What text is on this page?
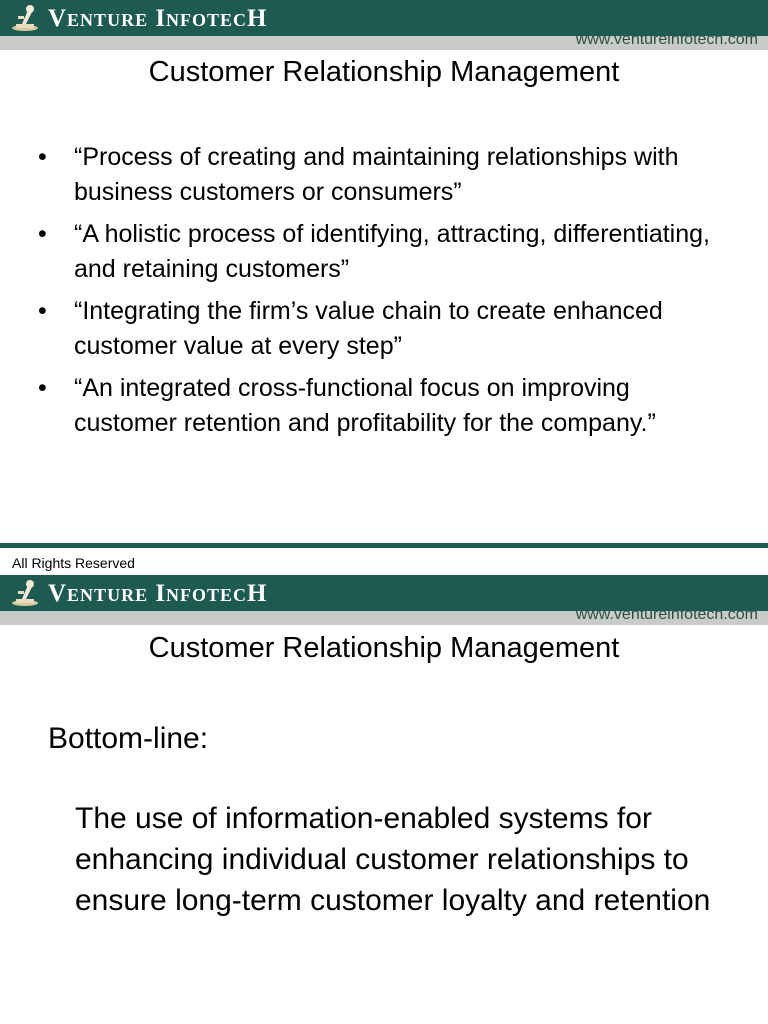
Venture InfotecH
www.ventureinfotech.com
Customer Relationship Management
•	“Process of creating and maintaining relationships with business customers or consumers”
•	“A holistic process of identifying, attracting, differentiating, and retaining customers”
•	“Integrating the firm’s value chain to create enhanced customer value at every step”
•	“An integrated cross-functional focus on improving customer retention and profitability for the company.”
All Rights Reserved
Venture InfotecH
www.ventureinfotech.com
Customer Relationship Management
Bottom-line:
The use of information-enabled systems for enhancing individual customer relationships to ensure long-term customer loyalty and retention
